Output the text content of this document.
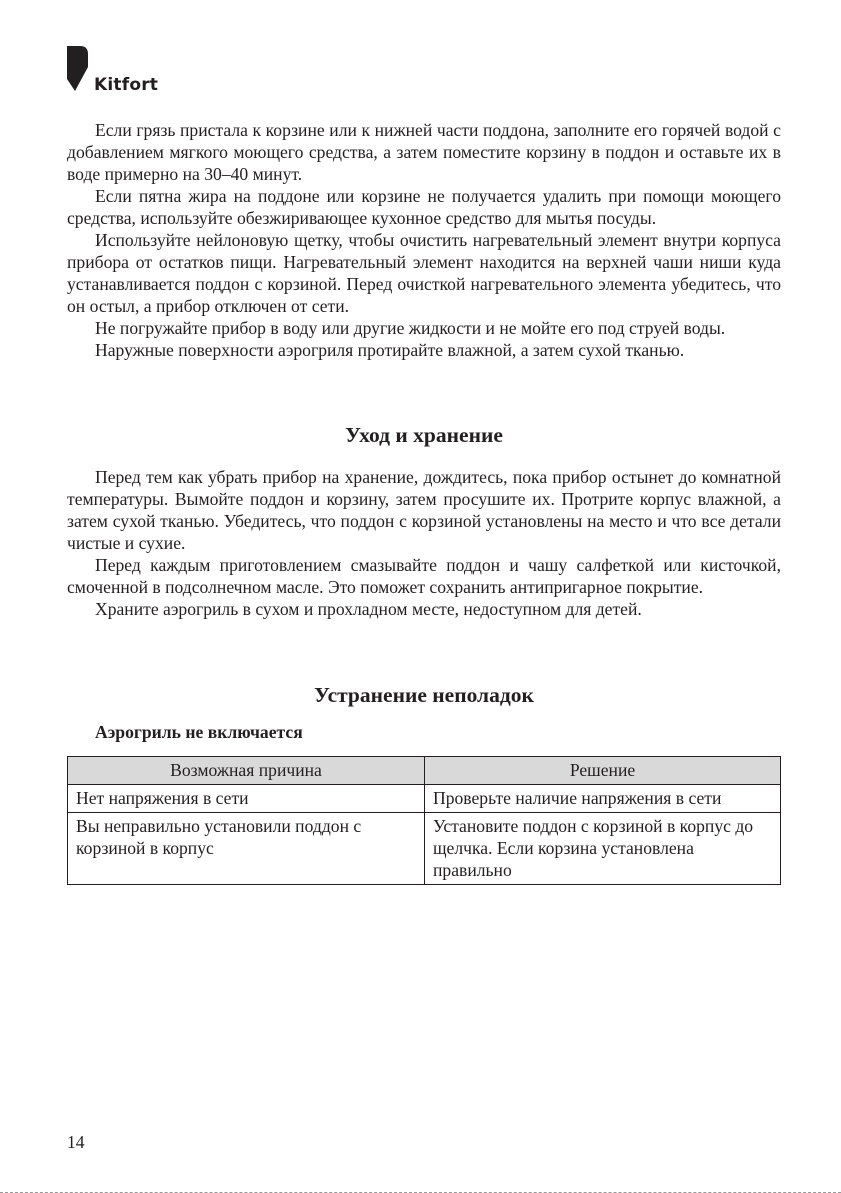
Kitfort

Если грязь пристала к корзине или к нижней части поддона, заполните его горячей водой с добавлением мягкого моющего средства, а затем поместите корзину в поддон и оставьте их в воде примерно на 30–40 минут.

Если пятна жира на поддоне или корзине не получается удалить при помощи моющего средства, используйте обезжиривающее кухонное средство для мытья посуды.

Используйте нейлоновую щетку, чтобы очистить нагревательный элемент внутри корпуса прибора от остатков пищи. Нагревательный элемент находится на верхней чаши ниши куда устанавливается поддон с корзиной. Перед очисткой нагревательного элемента убедитесь, что он остыл, а прибор отключен от сети.

Не погружайте прибор в воду или другие жидкости и не мойте его под струей воды.

Наружные поверхности аэрогриля протирайте влажной, а затем сухой тканью.

Уход и хранение

Перед тем как убрать прибор на хранение, дождитесь, пока прибор остынет до комнатной температуры. Вымойте поддон и корзину, затем просушите их. Протрите корпус влажной, а затем сухой тканью. Убедитесь, что поддон с корзиной установлены на место и что все детали чистые и сухие.

Перед каждым приготовлением смазывайте поддон и чашу салфеткой или кисточкой, смоченной в подсолнечном масле. Это поможет сохранить антипригарное покрытие.

Храните аэрогриль в сухом и прохладном месте, недоступном для детей.

Устранение неполадок
Аэрогриль не включается
Возможная причина	Решение
Нет напряжения в сети	Проверьте наличие напряжения в сети
Вы неправильно установили поддон с корзиной в корпус	Установите поддон с корзиной в корпус до щелчка. Если корзина установлена правильно
14
